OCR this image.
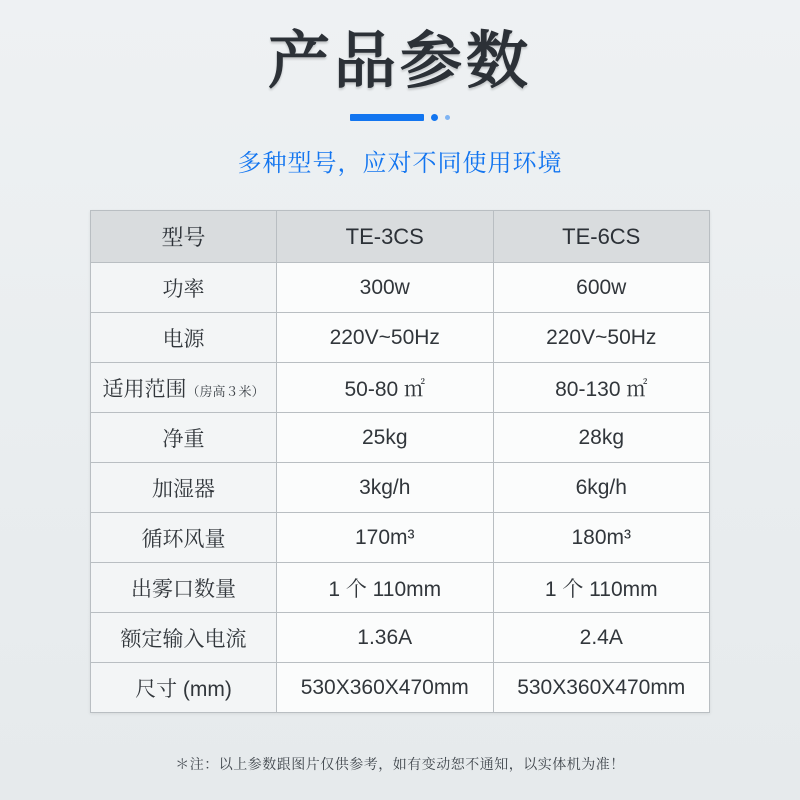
产品参数
多种型号，应对不同使用环境
型号	TE-3CS	TE-6CS
功率	300w	600w
电源	220V~50Hz	220V~50Hz
适用范围（房高３米）	50-80 ㎡	80-130 ㎡
净重	25kg	28kg
加湿器	3kg/h	6kg/h
循环风量	170m³	180m³
出雾口数量	1 个 110mm	1 个 110mm
额定输入电流	1.36A	2.4A
尺寸 (mm)	530X360X470mm	530X360X470mm
＊注：以上参数跟图片仅供参考，如有变动恕不通知，以实体机为准！
